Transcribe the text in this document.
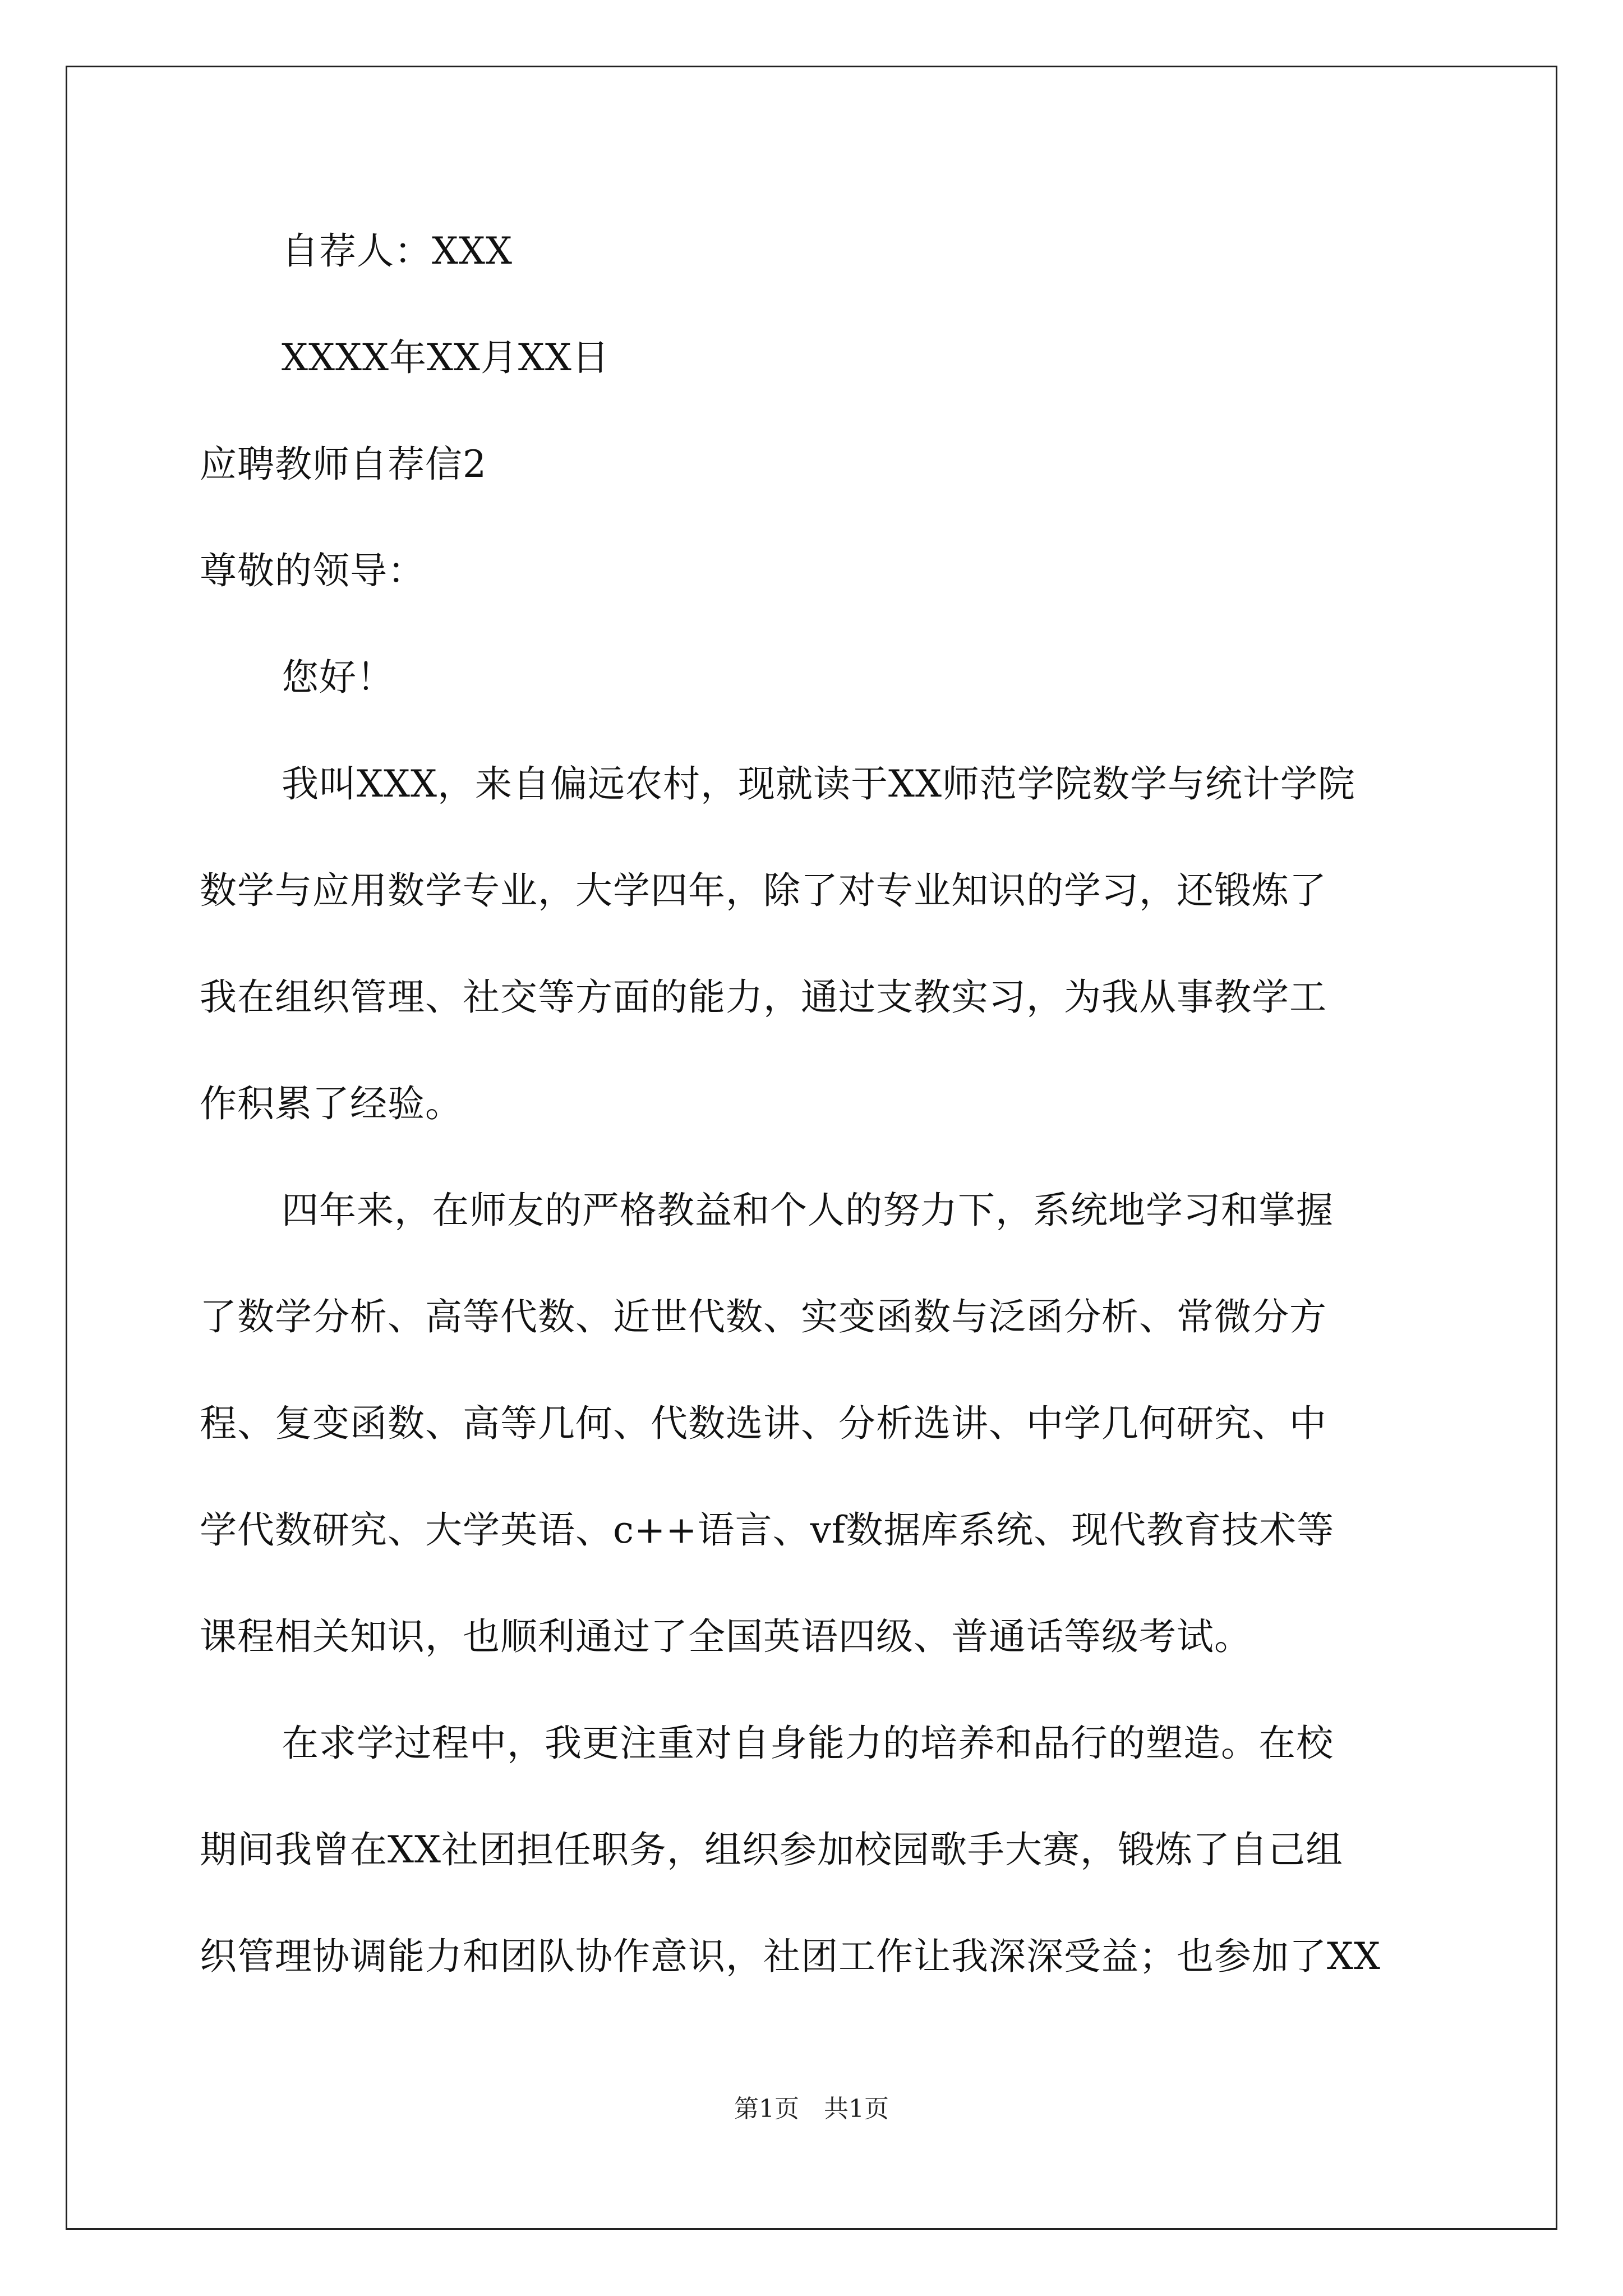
自荐人：XXX
XXXX年XX月XX日
应聘教师自荐信2
尊敬的领导：
您好！
我叫XXX，来自偏远农村，现就读于XX师范学院数学与统计学院
数学与应用数学专业，大学四年，除了对专业知识的学习，还锻炼了
我在组织管理、社交等方面的能力，通过支教实习，为我从事教学工
作积累了经验。
四年来，在师友的严格教益和个人的努力下，系统地学习和掌握
了数学分析、高等代数、近世代数、实变函数与泛函分析、常微分方
程、复变函数、高等几何、代数选讲、分析选讲、中学几何研究、中
学代数研究、大学英语、c++语言、vf数据库系统、现代教育技术等
课程相关知识，也顺利通过了全国英语四级、普通话等级考试。
在求学过程中，我更注重对自身能力的培养和品行的塑造。在校
期间我曾在XX社团担任职务，组织参加校园歌手大赛，锻炼了自己组
织管理协调能力和团队协作意识，社团工作让我深深受益；也参加了XX
第1页　共1页
